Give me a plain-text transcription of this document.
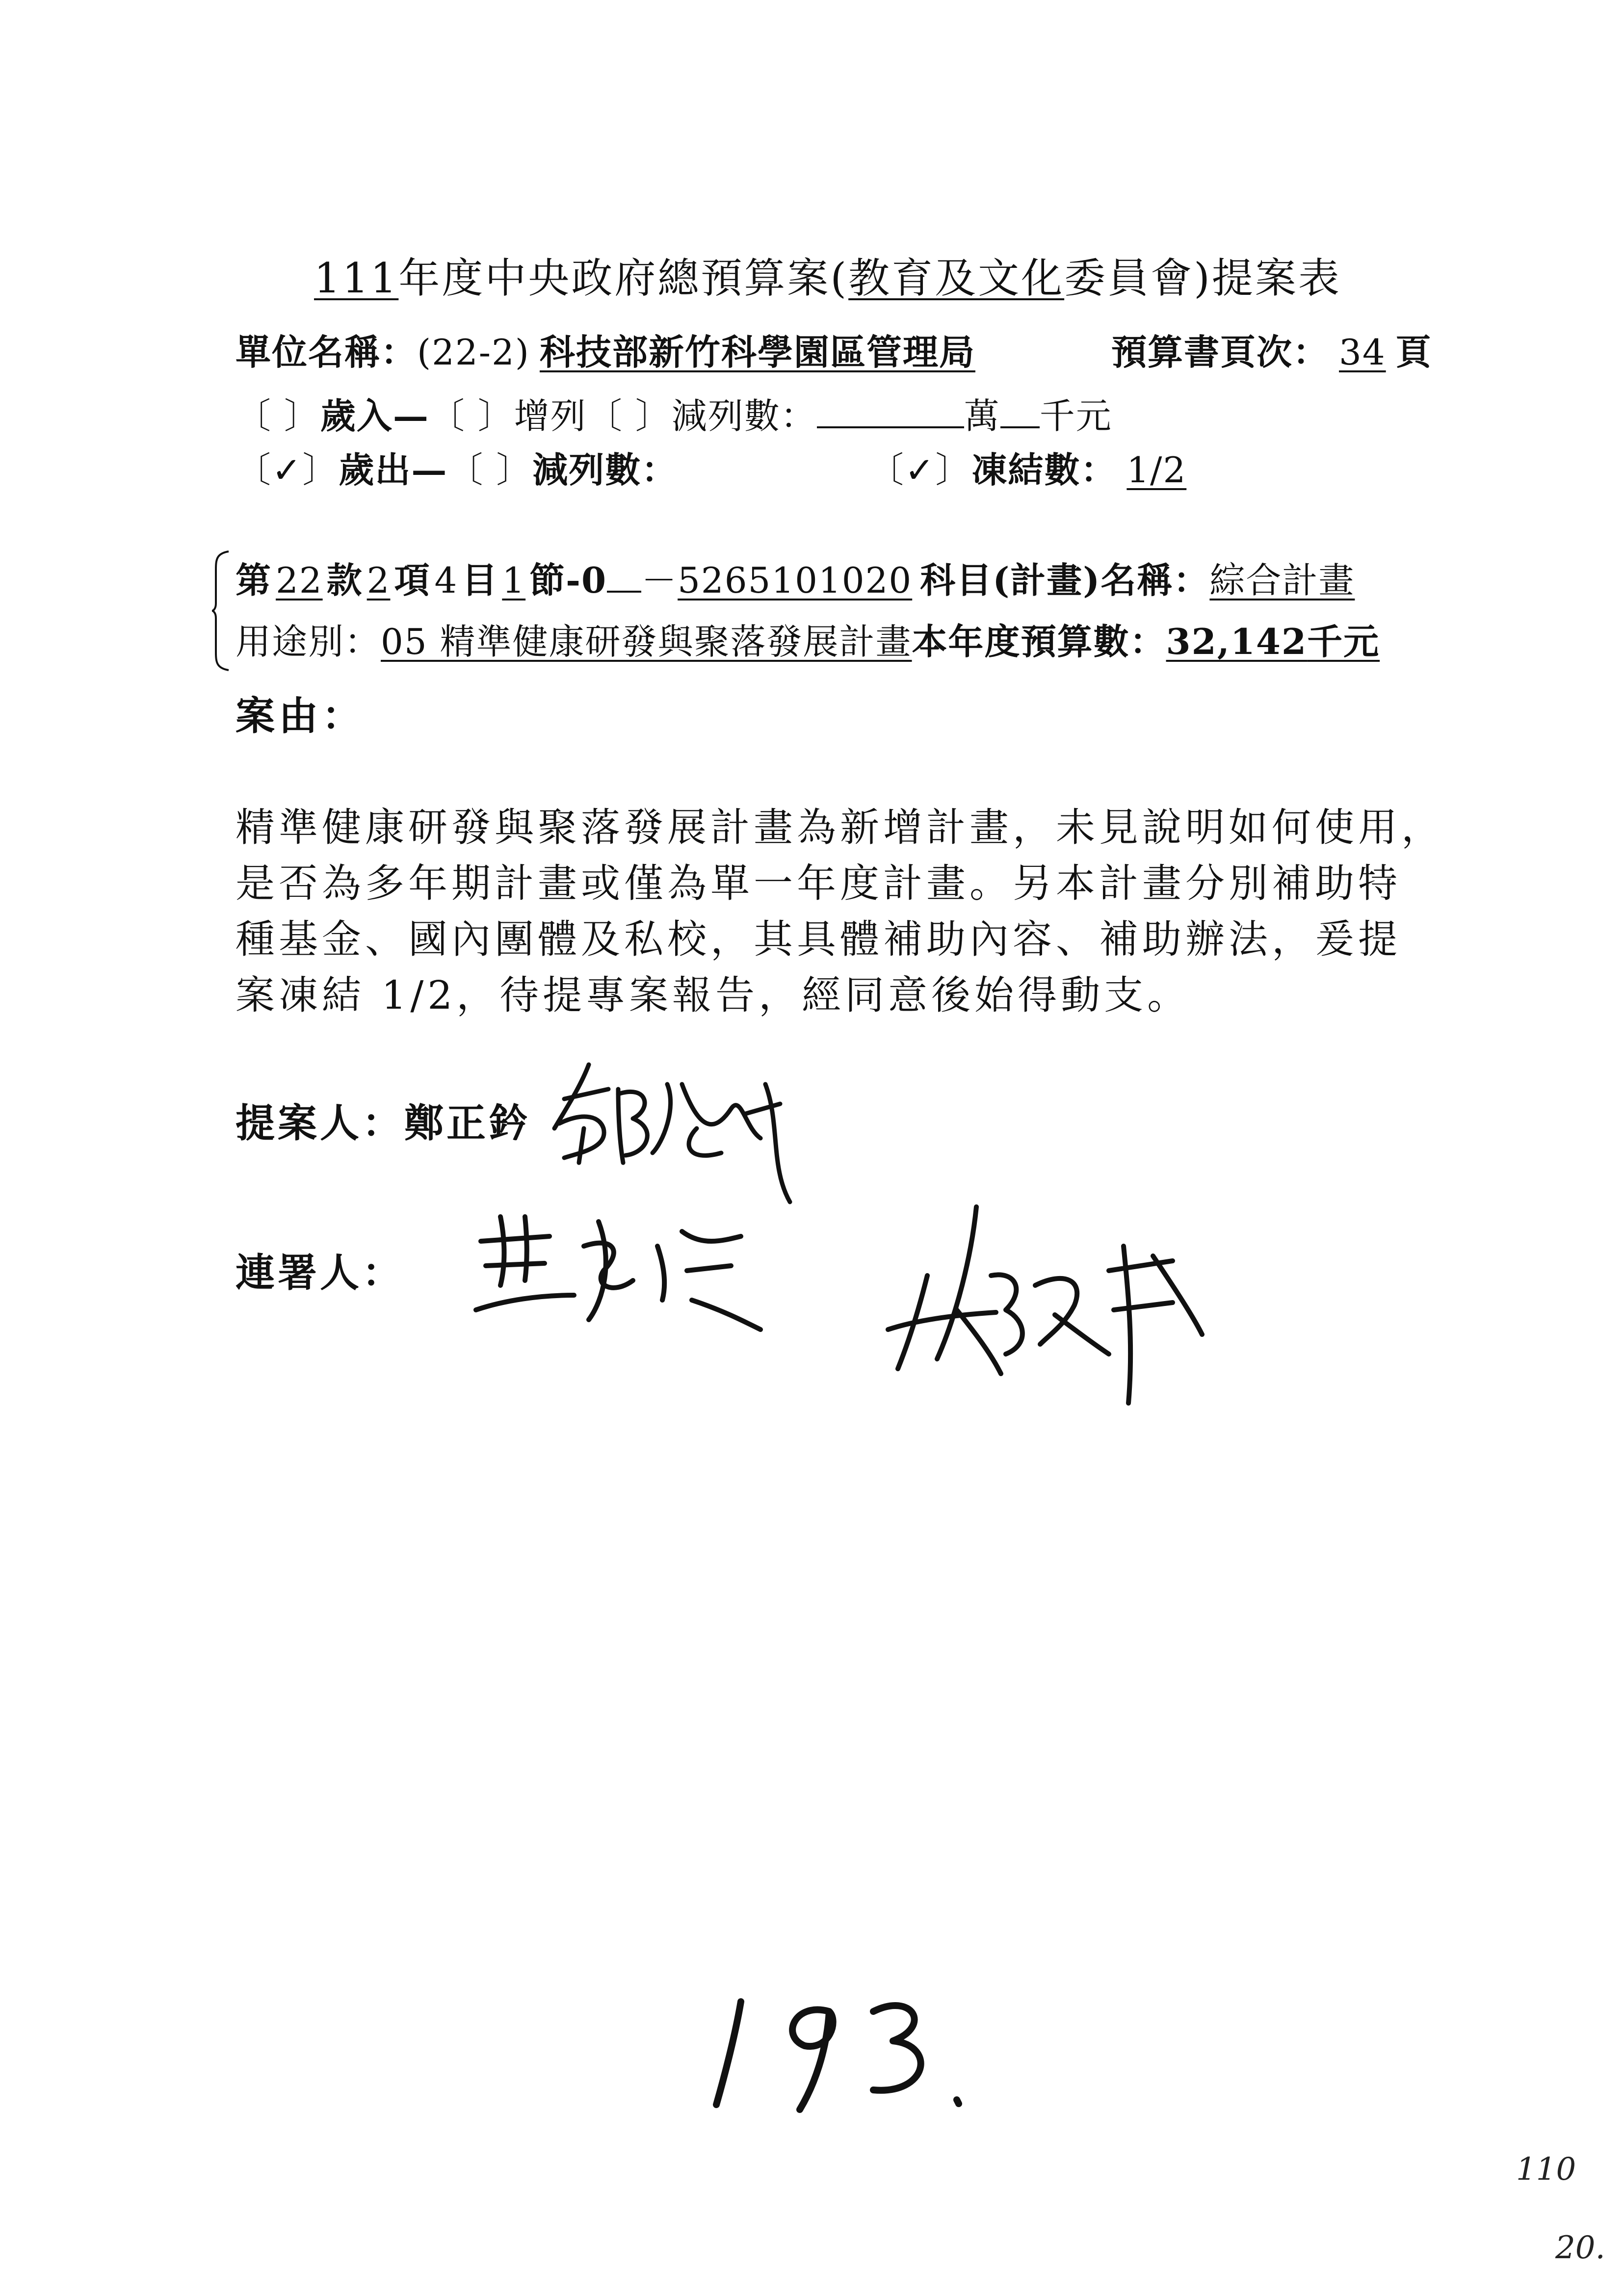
111年度中央政府總預算案(教育及文化委員會)提案表
單位名稱：(22-2) 科技部新竹科學園區管理局	預算書頁次： 34 頁
〔 〕歲入—〔 〕增列〔 〕減列數：	萬 千元
〔✓〕歲出—〔 〕減列數：	〔✓〕凍結數： 1/2
第 22 款 2 項 4 目 1 節-0 －5265101020 科目(計畫)名稱：綜合計畫
用途別：05 精準健康研發與聚落發展計畫本年度預算數：32,142千元
案由：
精準健康研發與聚落發展計畫為新增計畫，未見說明如何使用，
是否為多年期計畫或僅為單一年度計畫。另本計畫分別補助特
種基金、國內團體及私校，其具體補助內容、補助辦法，爰提
案凍結 1/2，待提專案報告，經同意後始得動支。
提案人：鄭正鈐
連署人：
110
20.
